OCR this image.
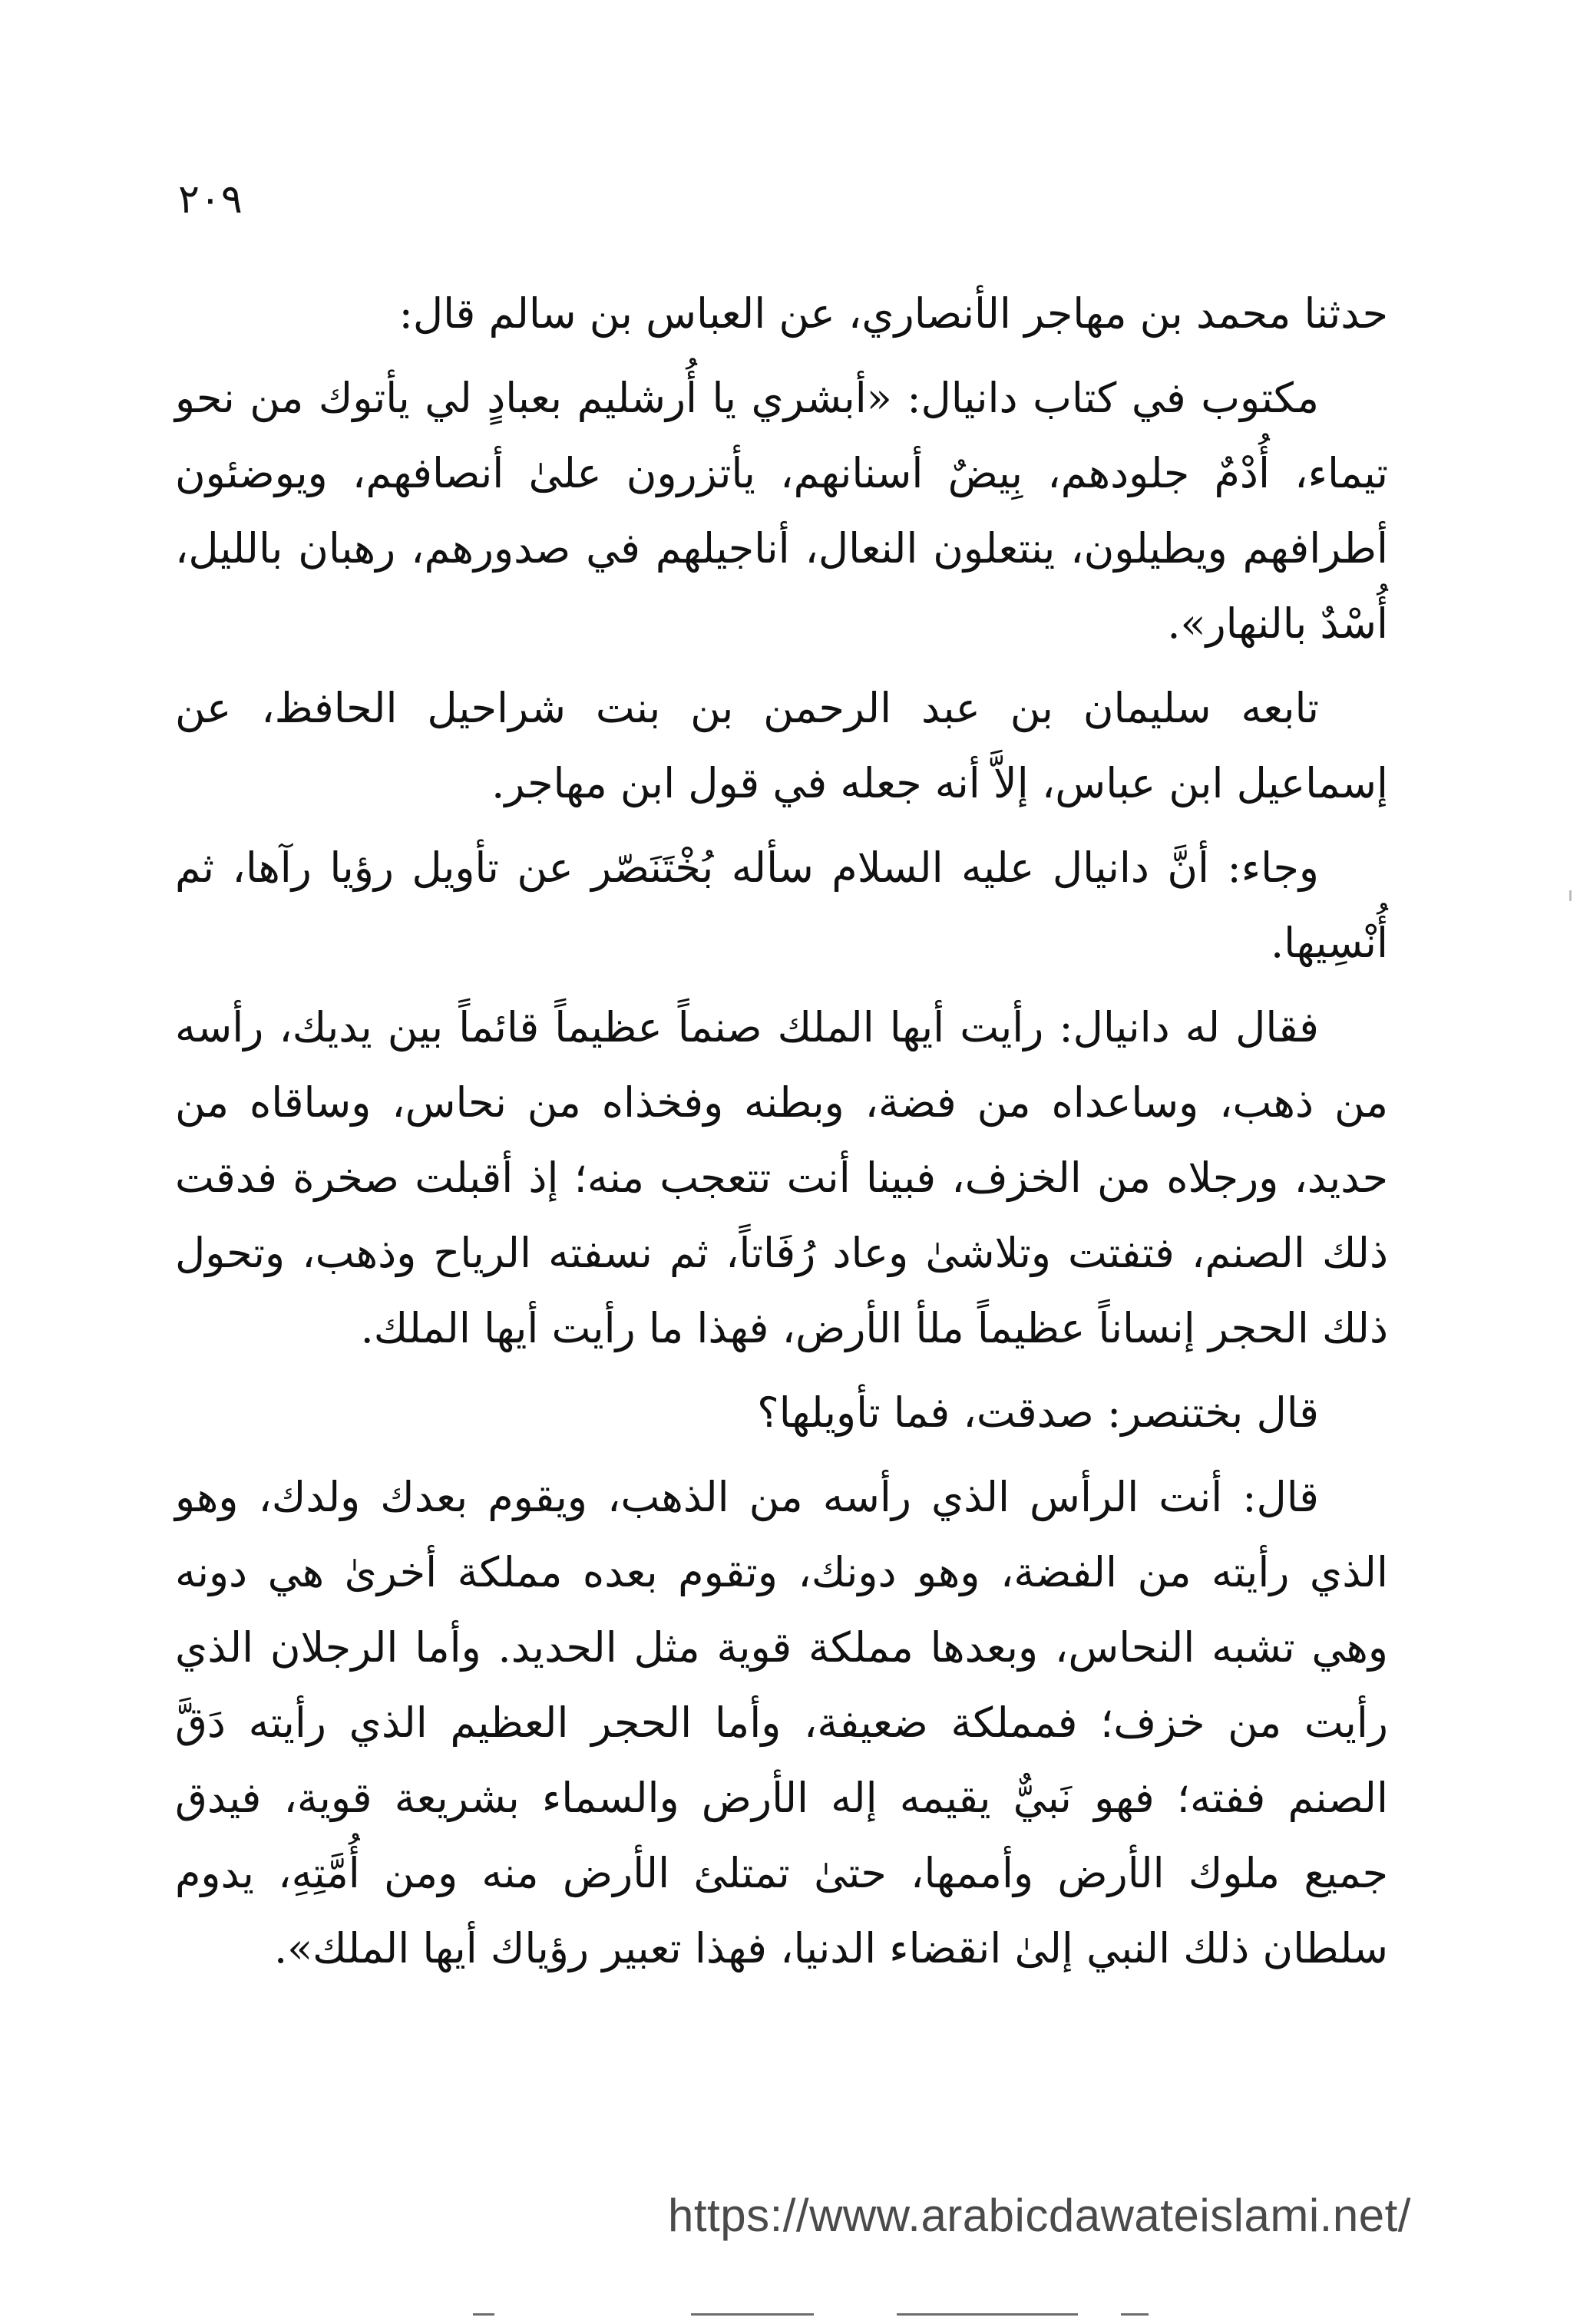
٢٠٩

حدثنا محمد بن مهاجر الأنصاري، عن العباس بن سالم قال:

مكتوب في كتاب دانيال: «أبشري يا أُرشليم بعبادٍ لي يأتوك من نحو تيماء، أُدْمٌ جلودهم، بِيضٌ أسنانهم، يأتزرون علىٰ أنصافهم، ويوضئون أطرافهم ويطيلون، ينتعلون النعال، أناجيلهم في صدورهم، رهبان بالليل، أُسْدٌ بالنهار».

تابعه سليمان بن عبد الرحمن بن بنت شراحيل الحافظ، عن إسماعيل ابن عباس، إلاَّ أنه جعله في قول ابن مهاجر.

وجاء: أنَّ دانيال عليه السلام سأله بُخْتَنَصّر عن تأويل رؤيا رآها، ثم أُنْسِيها.

فقال له دانيال: رأيت أيها الملك صنماً عظيماً قائماً بين يديك، رأسه من ذهب، وساعداه من فضة، وبطنه وفخذاه من نحاس، وساقاه من حديد، ورجلاه من الخزف، فبينا أنت تتعجب منه؛ إذ أقبلت صخرة فدقت ذلك الصنم، فتفتت وتلاشىٰ وعاد رُفَاتاً، ثم نسفته الرياح وذهب، وتحول ذلك الحجر إنساناً عظيماً ملأ الأرض، فهذا ما رأيت أيها الملك.

قال بختنصر: صدقت، فما تأويلها؟

قال: أنت الرأس الذي رأسه من الذهب، ويقوم بعدك ولدك، وهو الذي رأيته من الفضة، وهو دونك، وتقوم بعده مملكة أخرىٰ هي دونه وهي تشبه النحاس، وبعدها مملكة قوية مثل الحديد. وأما الرجلان الذي رأيت من خزف؛ فمملكة ضعيفة، وأما الحجر العظيم الذي رأيته دَقَّ الصنم ففته؛ فهو نَبيٌّ يقيمه إله الأرض والسماء بشريعة قوية، فيدق جميع ملوك الأرض وأممها، حتىٰ تمتلئ الأرض منه ومن أُمَّتِهِ، يدوم سلطان ذلك النبي إلىٰ انقضاء الدنيا، فهذا تعبير رؤياك أيها الملك».

https://www.arabicdawateislami.net/
